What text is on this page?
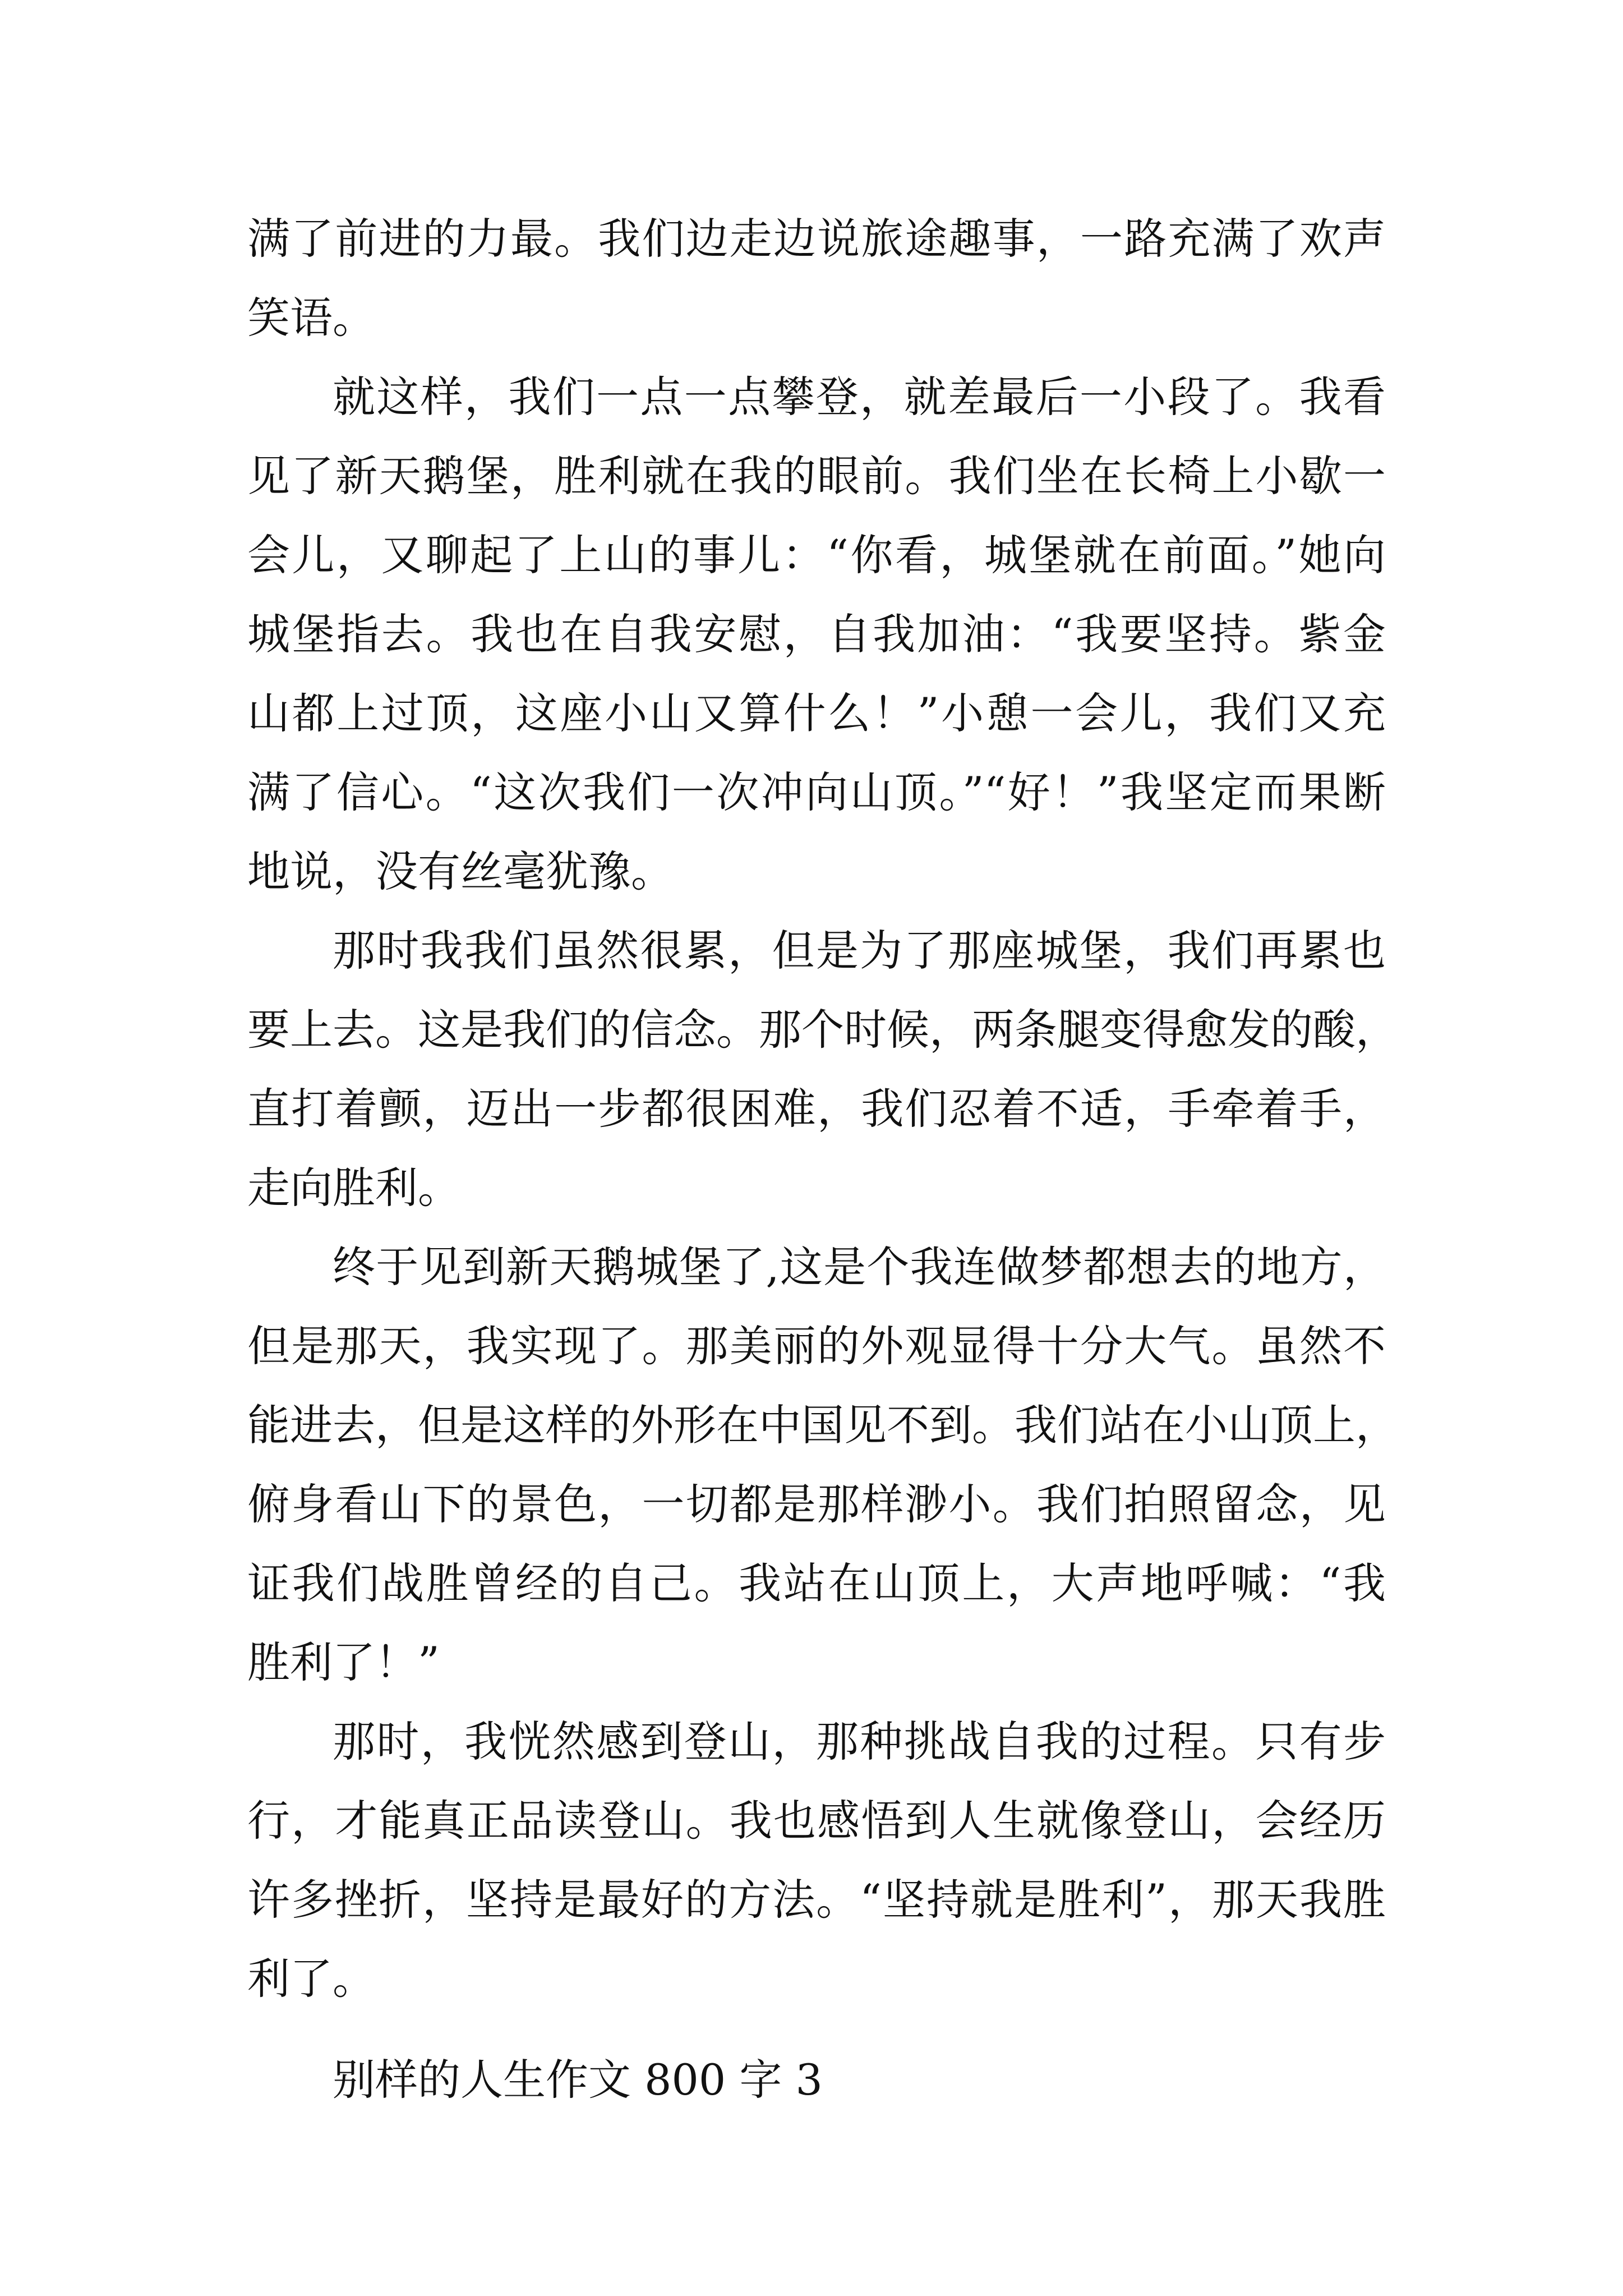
满了前进的力最。我们边走边说旅途趣事，一路充满了欢声
笑语。
就这样，我们一点一点攀登，就差最后一小段了。我看
见了新天鹅堡，胜利就在我的眼前。我们坐在长椅上小歇一
会儿，又聊起了上山的事儿：“你看，城堡就在前面。”她向
城堡指去。我也在自我安慰，自我加油：“我要坚持。紫金
山都上过顶，这座小山又算什么！”小憩一会儿，我们又充
满了信心。“这次我们一次冲向山顶。”“好！”我坚定而果断
地说，没有丝毫犹豫。
那时我我们虽然很累，但是为了那座城堡，我们再累也
要上去。这是我们的信念。那个时候，两条腿变得愈发的酸，
直打着颤，迈出一步都很困难，我们忍着不适，手牵着手，
走向胜利。
终于见到新天鹅城堡了,这是个我连做梦都想去的地方，
但是那天，我实现了。那美丽的外观显得十分大气。虽然不
能进去，但是这样的外形在中国见不到。我们站在小山顶上，
俯身看山下的景色，一切都是那样渺小。我们拍照留念，见
证我们战胜曾经的自己。我站在山顶上，大声地呼喊：“我
胜利了！”
那时，我恍然感到登山，那种挑战自我的过程。只有步
行，才能真正品读登山。我也感悟到人生就像登山，会经历
许多挫折，坚持是最好的方法。“坚持就是胜利”，那天我胜
利了。
别样的人生作文 800 字 3
